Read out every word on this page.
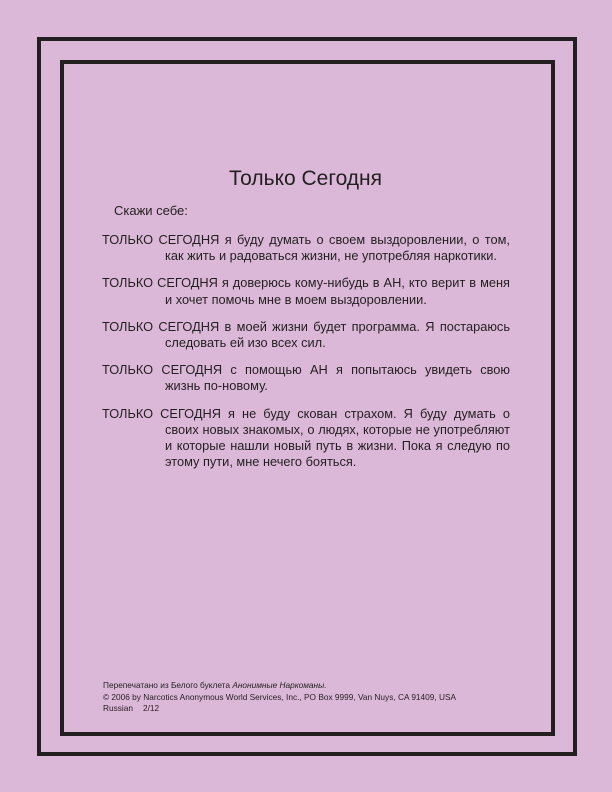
Только Сегодня

Скажи себе:

ТОЛЬКО СЕГОДНЯ я буду думать о своем выздоровлении, о том, как жить и радоваться жизни, не употребляя наркотики.
ТОЛЬКО СЕГОДНЯ я доверюсь кому-нибудь в АН, кто верит в меня и хочет помочь мне в моем выздоровлении.
ТОЛЬКО СЕГОДНЯ в моей жизни будет программа. Я постараюсь следовать ей изо всех сил.
ТОЛЬКО СЕГОДНЯ с помощью АН я попытаюсь увидеть свою жизнь по-новому.
ТОЛЬКО СЕГОДНЯ я не буду скован страхом. Я буду думать о своих новых знакомых, о людях, которые не употребляют и которые нашли новый путь в жизни. Пока я следую по этому пути, мне нечего бояться.
Перепечатано из Белого буклета Анонимные Наркоманы.
© 2006 by Narcotics Anonymous World Services, Inc., PO Box 9999, Van Nuys, CA 91409, USA
Russian 2/12
